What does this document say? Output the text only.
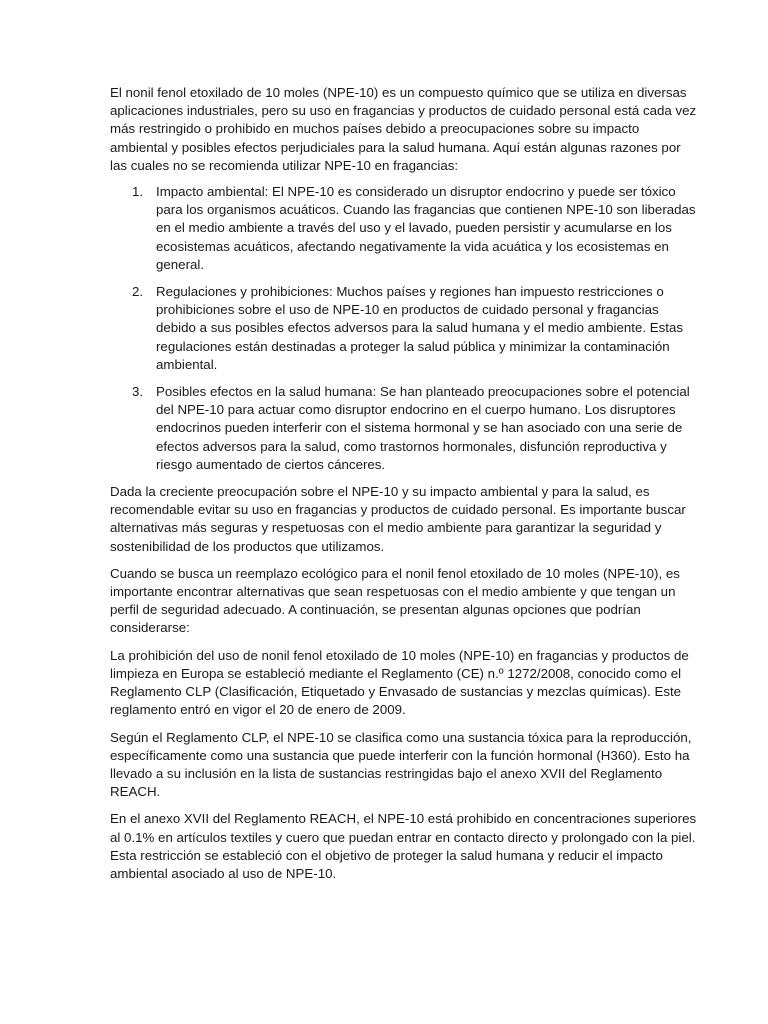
El nonil fenol etoxilado de 10 moles (NPE-10) es un compuesto químico que se utiliza en diversas aplicaciones industriales, pero su uso en fragancias y productos de cuidado personal está cada vez más restringido o prohibido en muchos países debido a preocupaciones sobre su impacto ambiental y posibles efectos perjudiciales para la salud humana. Aquí están algunas razones por las cuales no se recomienda utilizar NPE-10 en fragancias:

1. Impacto ambiental: El NPE-10 es considerado un disruptor endocrino y puede ser tóxico para los organismos acuáticos. Cuando las fragancias que contienen NPE-10 son liberadas en el medio ambiente a través del uso y el lavado, pueden persistir y acumularse en los ecosistemas acuáticos, afectando negativamente la vida acuática y los ecosistemas en general.
2. Regulaciones y prohibiciones: Muchos países y regiones han impuesto restricciones o prohibiciones sobre el uso de NPE-10 en productos de cuidado personal y fragancias debido a sus posibles efectos adversos para la salud humana y el medio ambiente. Estas regulaciones están destinadas a proteger la salud pública y minimizar la contaminación ambiental.
3. Posibles efectos en la salud humana: Se han planteado preocupaciones sobre el potencial del NPE-10 para actuar como disruptor endocrino en el cuerpo humano. Los disruptores endocrinos pueden interferir con el sistema hormonal y se han asociado con una serie de efectos adversos para la salud, como trastornos hormonales, disfunción reproductiva y riesgo aumentado de ciertos cánceres.

Dada la creciente preocupación sobre el NPE-10 y su impacto ambiental y para la salud, es recomendable evitar su uso en fragancias y productos de cuidado personal. Es importante buscar alternativas más seguras y respetuosas con el medio ambiente para garantizar la seguridad y sostenibilidad de los productos que utilizamos.

Cuando se busca un reemplazo ecológico para el nonil fenol etoxilado de 10 moles (NPE-10), es importante encontrar alternativas que sean respetuosas con el medio ambiente y que tengan un perfil de seguridad adecuado. A continuación, se presentan algunas opciones que podrían considerarse:

La prohibición del uso de nonil fenol etoxilado de 10 moles (NPE-10) en fragancias y productos de limpieza en Europa se estableció mediante el Reglamento (CE) n.º 1272/2008, conocido como el Reglamento CLP (Clasificación, Etiquetado y Envasado de sustancias y mezclas químicas). Este reglamento entró en vigor el 20 de enero de 2009.

Según el Reglamento CLP, el NPE-10 se clasifica como una sustancia tóxica para la reproducción, específicamente como una sustancia que puede interferir con la función hormonal (H360). Esto ha llevado a su inclusión en la lista de sustancias restringidas bajo el anexo XVII del Reglamento REACH.

En el anexo XVII del Reglamento REACH, el NPE-10 está prohibido en concentraciones superiores al 0.1% en artículos textiles y cuero que puedan entrar en contacto directo y prolongado con la piel. Esta restricción se estableció con el objetivo de proteger la salud humana y reducir el impacto ambiental asociado al uso de NPE-10.
